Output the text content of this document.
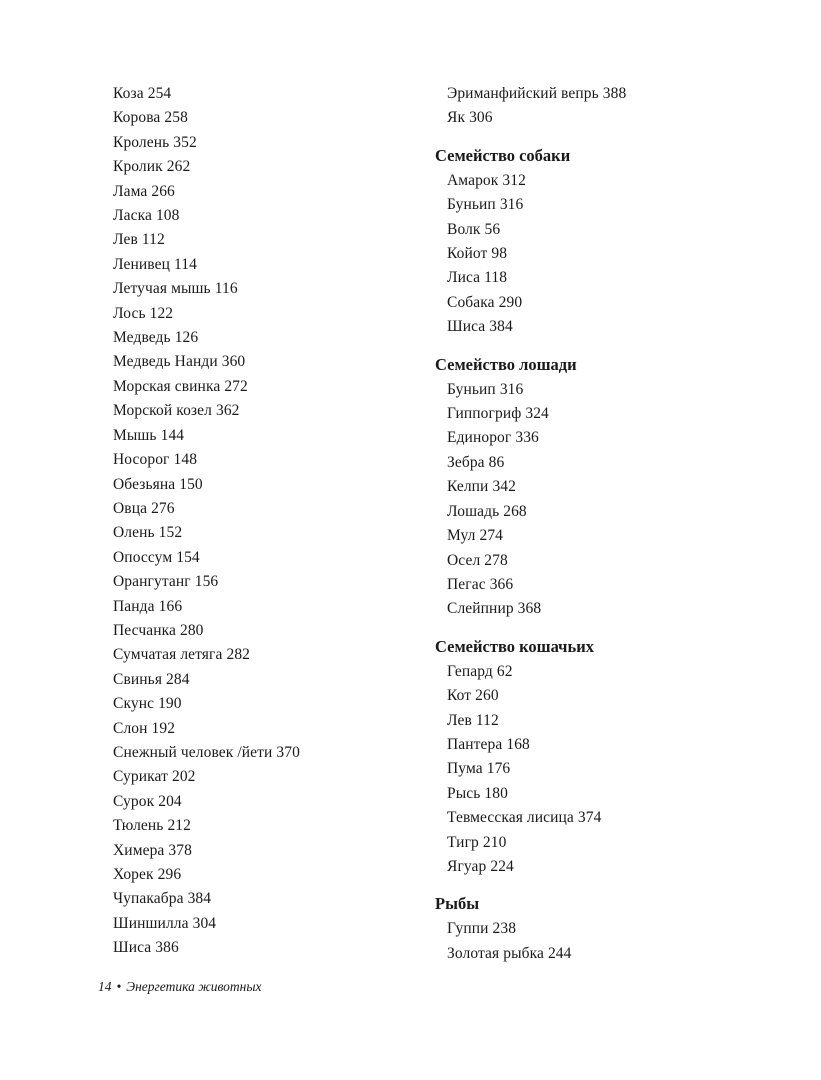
Коза 254
Корова 258
Кролень 352
Кролик 262
Лама 266
Ласка 108
Лев 112
Ленивец 114
Летучая мышь 116
Лось 122
Медведь 126
Медведь Нанди 360
Морская свинка 272
Морской козел 362
Мышь 144
Носорог 148
Обезьяна 150
Овца 276
Олень 152
Опоссум 154
Орангутанг 156
Панда 166
Песчанка 280
Сумчатая летяга 282
Свинья 284
Скунс 190
Слон 192
Снежный человек /йети 370
Сурикат 202
Сурок 204
Тюлень 212
Химера 378
Хорек 296
Чупакабра 384
Шиншилла 304
Шиса 386
Эриманфийский вепрь 388
Як 306
Семейство собаки
Амарок 312
Буньип 316
Волк 56
Койот 98
Лиса 118
Собака 290
Шиса 384
Семейство лошади
Буньип 316
Гиппогриф 324
Единорог 336
Зебра 86
Келпи 342
Лошадь 268
Мул 274
Осел 278
Пегас 366
Слейпнир 368
Семейство кошачьих
Гепард 62
Кот 260
Лев 112
Пантера 168
Пума 176
Рысь 180
Тевмесская лисица 374
Тигр 210
Ягуар 224
Рыбы
Гуппи 238
Золотая рыбка 244
14 • Энергетика животных
